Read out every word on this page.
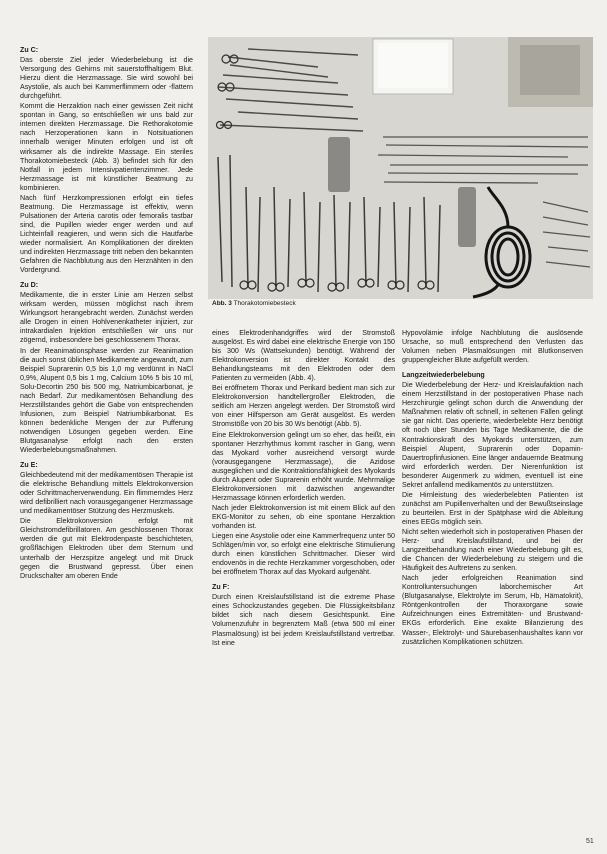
Zu C:

Das oberste Ziel jeder Wiederbelebung ist die Versorgung des Gehirns mit sauerstoffhaltigem Blut. Hierzu dient die Herzmassage. Sie wird sowohl bei Asystolie, als auch bei Kammerflimmern oder -flattern durchgeführt.

Kommt die Herzaktion nach einer gewissen Zeit nicht spontan in Gang, so entschließen wir uns bald zur internen direkten Herzmassage. Die Rethorakotomie nach Herzoperationen kann in Notsituationen innerhalb weniger Minuten erfolgen und ist oft wirksamer als die indirekte Massage. Ein steriles Thorakotomiebesteck (Abb. 3) befindet sich für den Notfall in jedem Intensivpatientenzimmer. Jede Herzmassage ist mit künstlicher Beatmung zu kombinieren.

Nach fünf Herzkompressionen erfolgt ein tiefes Beatmung. Die Herzmassage ist effektiv, wenn Pulsationen der Arteria carotis oder femoralis tastbar sind, die Pupillen wieder enger werden und auf Lichteinfall reagieren, und wenn sich die Hautfarbe wieder normalisiert. An Komplikationen der direkten und indirekten Herzmassage tritt neben den bekannten Gefahren die Nachblutung aus den Herznähten in den Vordergrund.

Zu D:

Medikamente, die in erster Linie am Herzen selbst wirksam werden, müssen möglichst nach ihrem Wirkungsort herangebracht werden. Zunächst werden alle Drogen in einen Hohlvenenkatheter injiziert, zur intrakardialen Injektion entschließen wir uns nur zögernd, insbesondere bei geschlossenem Thorax.

In der Reanimationsphase werden zur Reanimation die auch sonst üblichen Medikamente angewandt, zum Beispiel Suprarenin 0,5 bis 1,0 mg verdünnt in NaCl 0,9%, Alupent 0,5 bis 1 mg, Calcium 10% 5 bis 10 ml, Solu-Decortin 250 bis 500 mg, Natriumbicarbonat, je nach Bedarf. Zur medikamentösen Behandlung des Herzstillstandes gehört die Gabe von entsprechenden Infusionen, zum Beispiel Natriumbikarbonat. Es können bedenkliche Mengen der zur Pufferung notwendigen Lösungen gegeben werden. Eine Blutgasanalyse erfolgt nach den ersten Wiederbelebungsmaßnahmen.

Zu E:

Gleichbedeutend mit der medikamentösen Therapie ist die elektrische Behandlung mittels Elektrokonversion oder Schrittmacherverwendung. Ein flimmerndes Herz wird defibrilliert nach vorausgegangener Herzmassage und medikamentöser Stützung des Herzmuskels.

Die Elektrokonversion erfolgt mit Gleichstromdefibrillatoren. Am geschlossenen Thorax werden die gut mit Elektrodenpaste beschichteten, großflächigen Elektroden über dem Sternum und unterhalb der Herzspitze angelegt und mit Druck gegen die Brustwand gepresst. Über einen Druckschalter am oberen Ende

Abb. 3 Thorakotomiebesteck

eines Elektrodenhandgriffes wird der Stromstoß ausgelöst. Es wird dabei eine elektrische Energie von 150 bis 300 Ws (Wattsekunden) benötigt. Während der Elektrokonversion ist direkter Kontakt des Behandlungsteams mit den Elektroden oder dem Patienten zu vermeiden (Abb. 4).

Bei eröffnetem Thorax und Perikard bedient man sich zur Elektrokonversion handtellergroßer Elektroden, die seitlich am Herzen angelegt werden. Der Stromstoß wird von einer Hilfsperson am Gerät ausgelöst. Es werden Stromstöße von 20 bis 30 Ws benötigt (Abb. 5).

Eine Elektrokonversion gelingt um so eher, das heißt, ein spontaner Herzrhythmus kommt rascher in Gang, wenn das Myokard vorher ausreichend versorgt wurde (vorausgegangene Herzmassage), die Azidose ausgeglichen und die Kontraktionsfähigkeit des Myokards durch Alupent oder Suprarenin erhöht wurde. Mehrmalige Elektrokonversionen mit dazwischen angewandter Herzmassage können erforderlich werden.

Nach jeder Elektrokonversion ist mit einem Blick auf den EKG-Monitor zu sehen, ob eine spontane Herzaktion vorhanden ist.

Liegen eine Asystolie oder eine Kammerfrequenz unter 50 Schlägen/min vor, so erfolgt eine elektrische Stimulierung durch einen künstlichen Schrittmacher. Dieser wird endovenös in die rechte Herzkammer vorgeschoben, oder bei eröffnetem Thorax auf das Myokard aufgenäht.

Zu F:

Durch einen Kreislaufstillstand ist die extreme Phase eines Schockzustandes gegeben. Die Flüssigkeitsbilanz bildet sich nach diesem Gesichtspunkt. Eine Volumenzufuhr in begrenztem Maß (etwa 500 ml einer Plasmalösung) ist bei jedem Kreislaufstillstand vertretbar. Ist eine

Hypovolämie infolge Nachblutung die auslösende Ursache, so muß entsprechend den Verlusten das Volumen neben Plasmalösungen mit Blutkonserven gruppengleicher Blute aufgefüllt werden.

Langzeitwiederbelebung

Die Wiederbelebung der Herz- und Kreislaufaktion nach einem Herzstillstand in der postoperativen Phase nach Herzchirurgie gelingt schon durch die Anwendung der Maßnahmen relativ oft schnell, in seltenen Fällen gelingt sie gar nicht. Das operierte, wiederbelebte Herz benötigt oft noch über Stunden bis Tage Medikamente, die die Kontraktionskraft des Myokards unterstützen, zum Beispiel Alupent, Suprarenin oder Dopamin-Dauertropfinfusionen. Eine länger andauernde Beatmung wird erforderlich werden. Der Nierenfunktion ist besonderer Augenmerk zu widmen, eventuell ist eine Sekret anfallend medikamentös zu unterstützen.

Die Hirnleistung des wiederbelebten Patienten ist zunächst am Pupillenverhalten und der Bewußtseinslage zu beurteilen. Erst in der Spätphase wird die Ableitung eines EEGs möglich sein.

Nicht selten wiederholt sich in postoperativen Phasen der Herz- und Kreislaufstillstand, und bei der Langzeitbehandlung nach einer Wiederbelebung gilt es, die Chancen der Wiederbelebung zu steigern und die Häufigkeit des Auftretens zu senken.

Nach jeder erfolgreichen Reanimation sind Kontrolluntersuchungen laborchemischer Art (Blutgasanalyse, Elektrolyte im Serum, Hb, Hämatokrit), Röntgenkontrollen der Thoraxorgane sowie Aufzeichnungen eines Extremitäten- und Brustwand-EKGs erforderlich. Eine exakte Bilanzierung des Wasser-, Elektrolyt- und Säurebasenhaushaltes kann vor zusätzlichen Komplikationen schützen.

51
